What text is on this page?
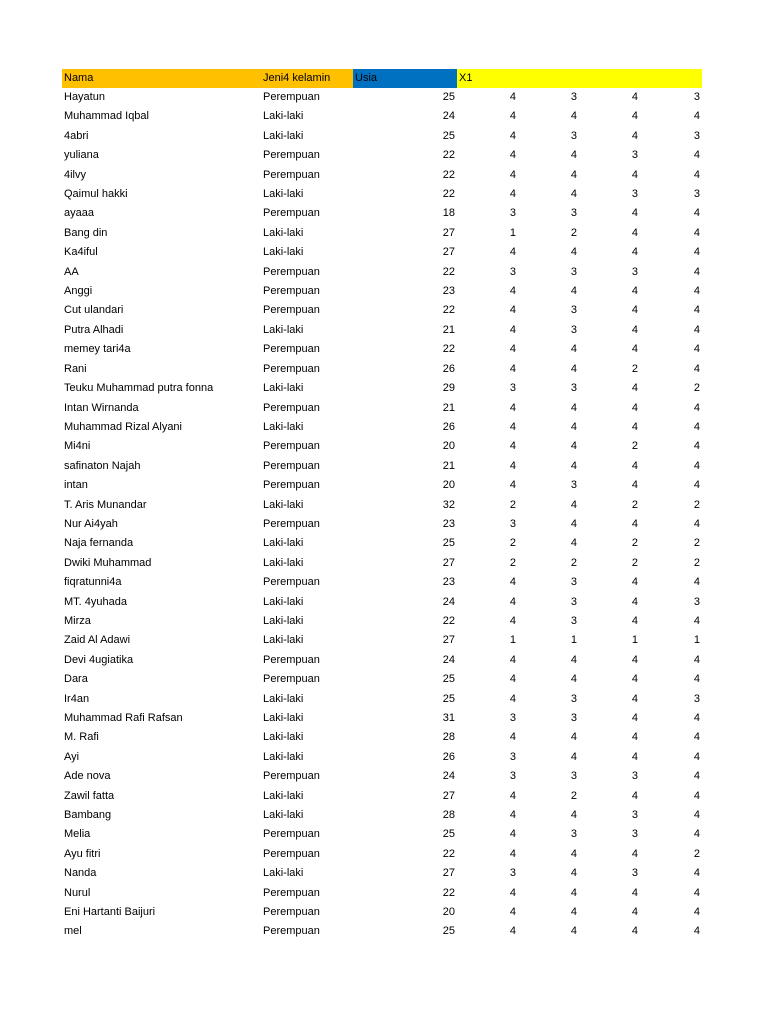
Nama	Jeni4 kelamin	Usia	X1			
Hayatun	Perempuan	25	4	3	4	3
Muhammad Iqbal	Laki-laki	24	4	4	4	4
4abri	Laki-laki	25	4	3	4	3
yuliana	Perempuan	22	4	4	3	4
4ilvy	Perempuan	22	4	4	4	4
Qaimul hakki	Laki-laki	22	4	4	3	3
ayaaa	Perempuan	18	3	3	4	4
Bang din	Laki-laki	27	1	2	4	4
Ka4iful	Laki-laki	27	4	4	4	4
AA	Perempuan	22	3	3	3	4
Anggi	Perempuan	23	4	4	4	4
Cut ulandari	Perempuan	22	4	3	4	4
Putra Alhadi	Laki-laki	21	4	3	4	4
memey tari4a	Perempuan	22	4	4	4	4
Rani	Perempuan	26	4	4	2	4
Teuku Muhammad putra fonna	Laki-laki	29	3	3	4	2
Intan Wirnanda	Perempuan	21	4	4	4	4
Muhammad Rizal Alyani	Laki-laki	26	4	4	4	4
Mi4ni	Perempuan	20	4	4	2	4
safinaton Najah	Perempuan	21	4	4	4	4
intan	Perempuan	20	4	3	4	4
T. Aris Munandar	Laki-laki	32	2	4	2	2
Nur Ai4yah	Perempuan	23	3	4	4	4
Naja fernanda	Laki-laki	25	2	4	2	2
Dwiki Muhammad	Laki-laki	27	2	2	2	2
fiqratunni4a	Perempuan	23	4	3	4	4
MT. 4yuhada	Laki-laki	24	4	3	4	3
Mirza	Laki-laki	22	4	3	4	4
Zaid Al Adawi	Laki-laki	27	1	1	1	1
Devi 4ugiatika	Perempuan	24	4	4	4	4
Dara	Perempuan	25	4	4	4	4
Ir4an	Laki-laki	25	4	3	4	3
Muhammad Rafi Rafsan	Laki-laki	31	3	3	4	4
M. Rafi	Laki-laki	28	4	4	4	4
Ayi	Laki-laki	26	3	4	4	4
Ade nova	Perempuan	24	3	3	3	4
Zawil fatta	Laki-laki	27	4	2	4	4
Bambang	Laki-laki	28	4	4	3	4
Melia	Perempuan	25	4	3	3	4
Ayu fitri	Perempuan	22	4	4	4	2
Nanda	Laki-laki	27	3	4	3	4
Nurul	Perempuan	22	4	4	4	4
Eni Hartanti Baijuri	Perempuan	20	4	4	4	4
mel	Perempuan	25	4	4	4	4
